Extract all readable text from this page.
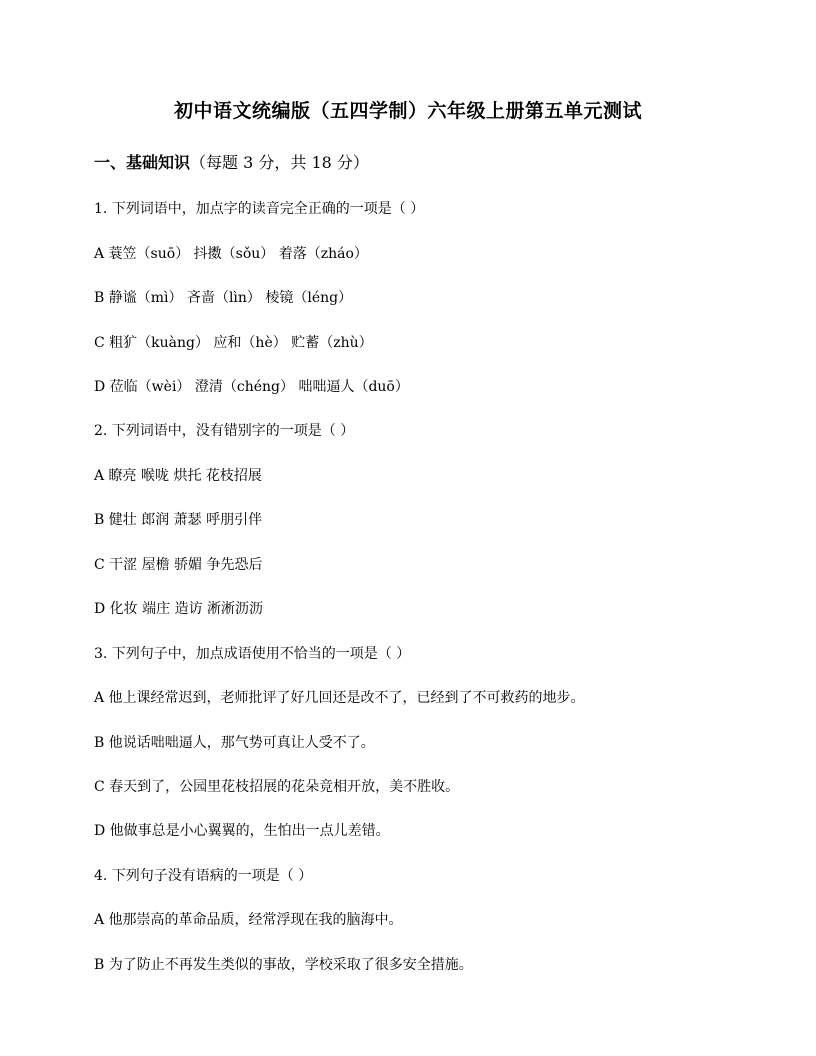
初中语文统编版（五四学制）六年级上册第五单元测试
一、基础知识（每题 3 分，共 18 分）
1. 下列词语中，加点字的读音完全正确的一项是（ ）
A 蓑笠（suō） 抖擞（sǒu） 着落（zháo）
B 静谧（mì） 吝啬（lìn） 棱镜（léng）
C 粗犷（kuàng） 应和（hè） 贮蓄（zhù）
D 莅临（wèi） 澄清（chéng） 咄咄逼人（duō）
2. 下列词语中，没有错别字的一项是（ ）
A 瞭亮 喉咙 烘托 花枝招展
B 健壮 郎润 萧瑟 呼朋引伴
C 干涩 屋檐 骄媚 争先恐后
D 化妆 端庄 造访 淅淅沥沥
3. 下列句子中，加点成语使用不恰当的一项是（ ）
A 他上课经常迟到，老师批评了好几回还是改不了，已经到了不可救药的地步。
B 他说话咄咄逼人，那气势可真让人受不了。
C 春天到了，公园里花枝招展的花朵竞相开放，美不胜收。
D 他做事总是小心翼翼的，生怕出一点儿差错。
4. 下列句子没有语病的一项是（ ）
A 他那崇高的革命品质，经常浮现在我的脑海中。
B 为了防止不再发生类似的事故，学校采取了很多安全措施。
